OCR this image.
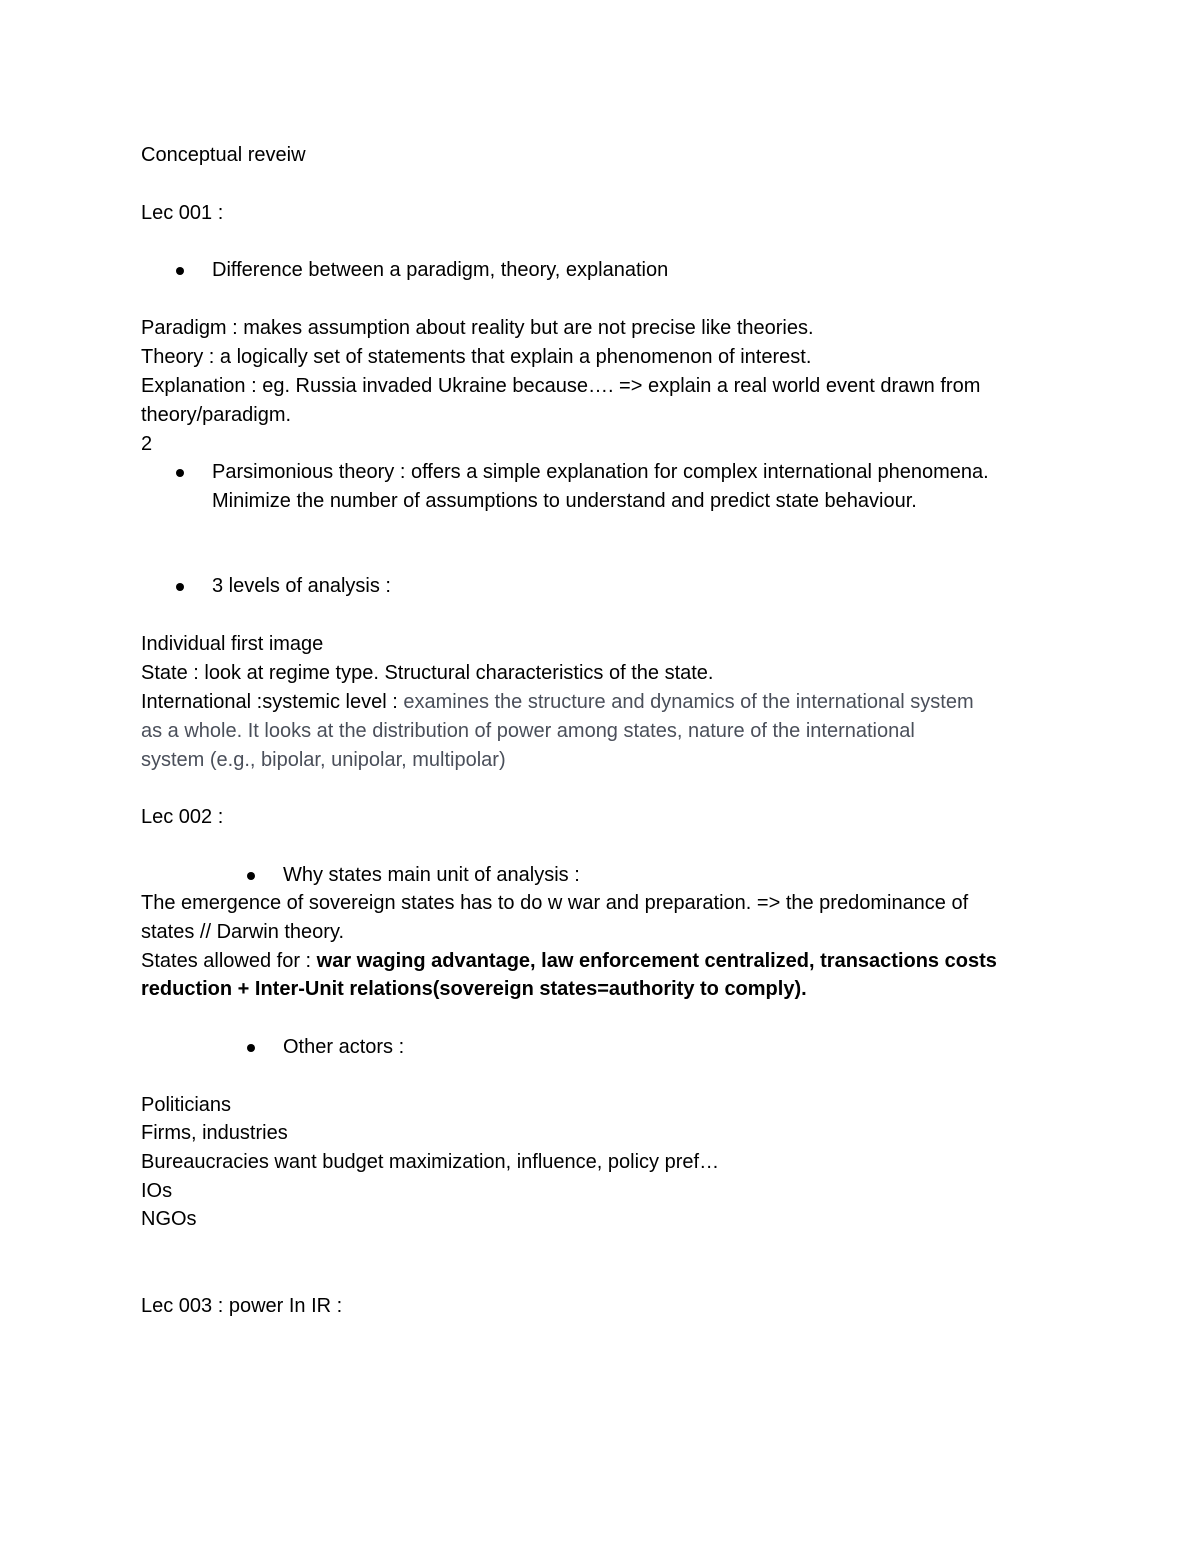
Conceptual reveiw
Lec 001 :
Difference between a paradigm, theory, explanation
Paradigm : makes assumption about reality but are not precise like theories.
Theory : a logically set of statements that explain a phenomenon of interest.
Explanation : eg. Russia invaded Ukraine because…. => explain a real world event drawn from
theory/paradigm.
2
Parsimonious theory : offers a simple explanation for complex international phenomena.
Minimize the number of assumptions to understand and predict state behaviour.
3 levels of analysis :
Individual first image
State : look at regime type. Structural characteristics of the state.
International :systemic level : examines the structure and dynamics of the international system
as a whole. It looks at the distribution of power among states, nature of the international
system (e.g., bipolar, unipolar, multipolar)
Lec 002 :
Why states main unit of analysis :
The emergence of sovereign states has to do w war and preparation. => the predominance of
states // Darwin theory.
States allowed for : war waging advantage, law enforcement centralized, transactions costs
reduction + Inter-Unit relations(sovereign states=authority to comply).
Other actors :
Politicians
Firms, industries
Bureaucracies want budget maximization, influence, policy pref…
IOs
NGOs
Lec 003 : power In IR :
